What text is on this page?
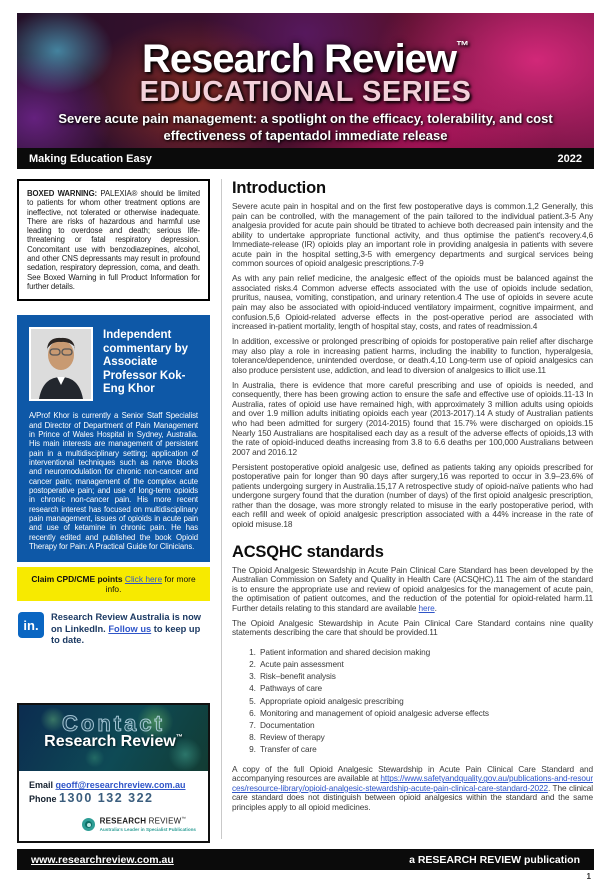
Research Review™
EDUCATIONAL SERIES
Severe acute pain management: a spotlight on the efficacy, tolerability, and cost effectiveness of tapentadol immediate release
Making Education Easy	2022
BOXED WARNING: PALEXIA® should be limited to patients for whom other treatment options are ineffective, not tolerated or otherwise inadequate. There are risks of hazardous and harmful use leading to overdose and death; serious life-threatening or fatal respiratory depression. Concomitant use with benzodiazepines, alcohol, and other CNS depressants may result in profound sedation, respiratory depression, coma, and death. See Boxed Warning in full Product Information for further details.
Independent commentary by Associate Professor Kok-Eng Khor
A/Prof Khor is currently a Senior Staff Specialist and Director of Department of Pain Management in Prince of Wales Hospital in Sydney, Australia. His main interests are management of persistent pain in a multidisciplinary setting; application of interventional techniques such as nerve blocks and neuromodulation for chronic non-cancer and cancer pain; management of the complex acute postoperative pain; and use of long-term opioids in chronic non-cancer pain. His more recent research interest has focused on multidisciplinary pain management, issues of opioids in acute pain and use of ketamine in chronic pain. He has recently edited and published the book Opioid Therapy for Pain: A Practical Guide for Clinicians.
Claim CPD/CME points Click here for more info.
in.
Research Review Australia is now on LinkedIn. Follow us to keep up to date.
Contact
Research Review™
Email geoff@researchreview.com.au
Phone 1300 132 322
RESEARCH REVIEW™
Australia's Leader in Specialist Publications
Introduction

Severe acute pain in hospital and on the first few postoperative days is common.1,2 Generally, this pain can be controlled, with the management of the pain tailored to the individual patient.3-5 Any analgesia provided for acute pain should be titrated to achieve both decreased pain intensity and the ability to undertake appropriate functional activity, and thus optimise the patient's recovery.4,6 Immediate-release (IR) opioids play an important role in providing analgesia in patients with severe acute pain in the hospital setting,3-5 with emergency departments and surgical services being common sources of opioid analgesic prescriptions.7-9

As with any pain relief medicine, the analgesic effect of the opioids must be balanced against the associated risks.4 Common adverse effects associated with the use of opioids include sedation, pruritus, nausea, vomiting, constipation, and urinary retention.4 The use of opioids in severe acute pain may also be associated with opioid-induced ventilatory impairment, cognitive impairment, and confusion.5,6 Opioid-related adverse effects in the post-operative period are associated with increased in-patient mortality, length of hospital stay, costs, and rates of readmission.4

In addition, excessive or prolonged prescribing of opioids for postoperative pain relief after discharge may also play a role in increasing patient harms, including the inability to function, hyperalgesia, tolerance/dependence, unintended overdose, or death.4,10 Long-term use of opioid analgesics can also produce persistent use, addiction, and lead to diversion of analgesics to illicit use.11

In Australia, there is evidence that more careful prescribing and use of opioids is needed, and consequently, there has been growing action to ensure the safe and effective use of opioids.11-13 In Australia, rates of opioid use have remained high, with approximately 3 million adults using opioids and over 1.9 million adults initiating opioids each year (2013-2017).14 A study of Australian patients who had been admitted for surgery (2014-2015) found that 15.7% were discharged on opioids.15 Nearly 150 Australians are hospitalised each day as a result of the adverse effects of opioids,13 with the rate of opioid-induced deaths increasing from 3.8 to 6.6 deaths per 100,000 Australians between 2007 and 2016.12

Persistent postoperative opioid analgesic use, defined as patients taking any opioids prescribed for postoperative pain for longer than 90 days after surgery,16 was reported to occur in 3.9–23.6% of patients undergoing surgery in Australia.15,17 A retrospective study of opioid-naïve patients who had undergone surgery found that the duration (number of days) of the first opioid analgesic prescription, rather than the dosage, was more strongly related to misuse in the early postoperative period, with each refill and week of opioid analgesic prescription associated with a 44% increase in the rate of opioid misuse.18

ACSQHC standards

The Opioid Analgesic Stewardship in Acute Pain Clinical Care Standard has been developed by the Australian Commission on Safety and Quality in Health Care (ACSQHC).11 The aim of the standard is to ensure the appropriate use and review of opioid analgesics for the management of acute pain, the optimisation of patient outcomes, and the reduction of the potential for opioid-related harm.11 Further details relating to this standard are available here.

The Opioid Analgesic Stewardship in Acute Pain Clinical Care Standard contains nine quality statements describing the care that should be provided.11

1. Patient information and shared decision making
2. Acute pain assessment
3. Risk–benefit analysis
4. Pathways of care
5. Appropriate opioid analgesic prescribing
6. Monitoring and management of opioid analgesic adverse effects
7. Documentation
8. Review of therapy
9. Transfer of care

A copy of the full Opioid Analgesic Stewardship in Acute Pain Clinical Care Standard and accompanying resources are available at https://www.safetyandquality.gov.au/publications-and-resources/resource-library/opioid-analgesic-stewardship-acute-pain-clinical-care-standard-2022. The clinical care standard does not distinguish between opioid analgesics within the standard and the same principles apply to all opioid medicines.

www.researchreview.com.au	a RESEARCH REVIEW publication
1
